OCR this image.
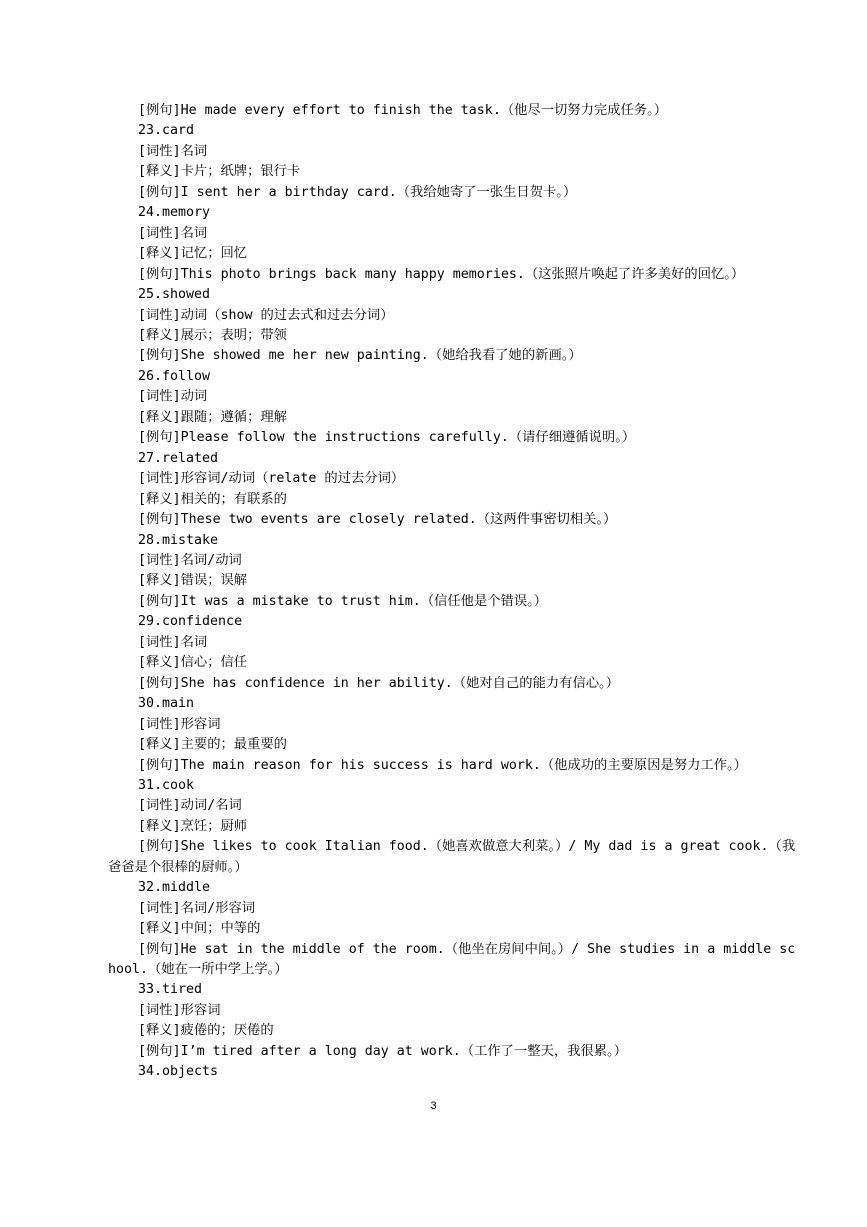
[例句]He made every effort to finish the task.（他尽一切努力完成任务。）

23.card

[词性]名词

[释义]卡片；纸牌；银行卡

[例句]I sent her a birthday card.（我给她寄了一张生日贺卡。）

24.memory

[词性]名词

[释义]记忆；回忆

[例句]This photo brings back many happy memories.（这张照片唤起了许多美好的回忆。）

25.showed

[词性]动词（show 的过去式和过去分词）

[释义]展示；表明；带领

[例句]She showed me her new painting.（她给我看了她的新画。）

26.follow

[词性]动词

[释义]跟随；遵循；理解

[例句]Please follow the instructions carefully.（请仔细遵循说明。）

27.related

[词性]形容词/动词（relate 的过去分词）

[释义]相关的；有联系的

[例句]These two events are closely related.（这两件事密切相关。）

28.mistake

[词性]名词/动词

[释义]错误；误解

[例句]It was a mistake to trust him.（信任他是个错误。）

29.confidence

[词性]名词

[释义]信心；信任

[例句]She has confidence in her ability.（她对自己的能力有信心。）

30.main

[词性]形容词

[释义]主要的；最重要的

[例句]The main reason for his success is hard work.（他成功的主要原因是努力工作。）

31.cook

[词性]动词/名词

[释义]烹饪；厨师

[例句]She likes to cook Italian food.（她喜欢做意大利菜。）/ My dad is a great cook.（我爸爸是个很棒的厨师。）

32.middle

[词性]名词/形容词

[释义]中间；中等的

[例句]He sat in the middle of the room.（他坐在房间中间。）/ She studies in a middle school.（她在一所中学上学。）

33.tired

[词性]形容词

[释义]疲倦的；厌倦的

[例句]I’m tired after a long day at work.（工作了一整天，我很累。）

34.objects

3
